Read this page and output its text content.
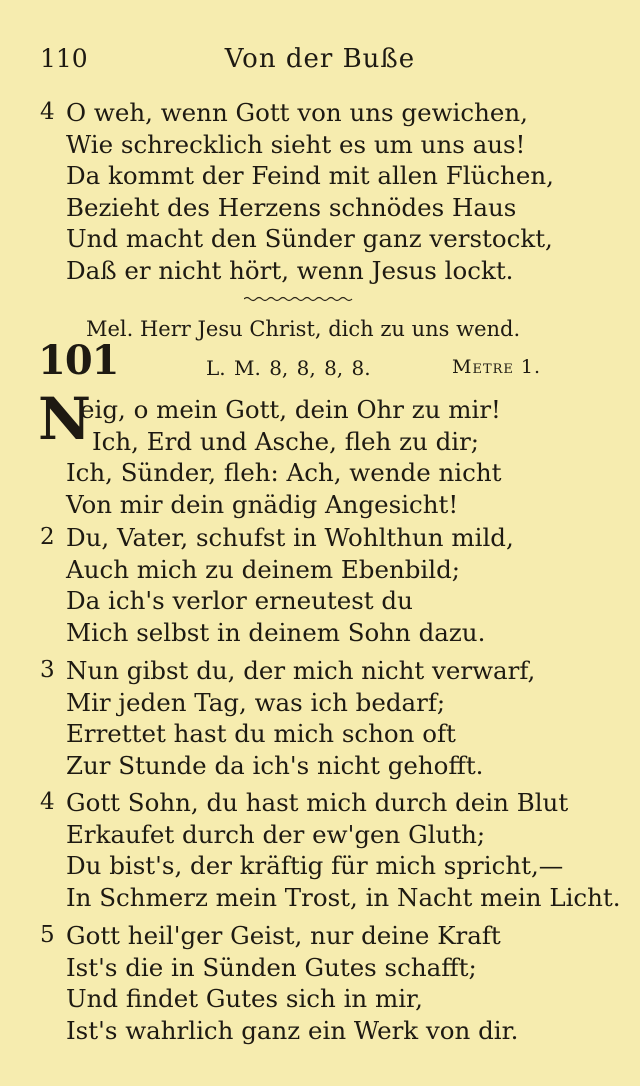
110	Von der Buße
4 O weh, wenn Gott von uns gewichen,
Wie schrecklich sieht es um uns aus!
Da kommt der Feind mit allen Flüchen,
Bezieht des Herzens schnödes Haus
Und macht den Sünder ganz verstockt,
Daß er nicht hört, wenn Jesus lockt.
Mel. Herr Jesu Christ, dich zu uns wend.
101	L. M. 8, 8, 8, 8.	Metre 1.
N
eig, o mein Gott, dein Ohr zu mir!
Ich, Erd und Asche, fleh zu dir;
Ich, Sünder, fleh: Ach, wende nicht
Von mir dein gnädig Angesicht!
2 Du, Vater, schufst in Wohlthun mild,
Auch mich zu deinem Ebenbild;
Da ich's verlor erneutest du
Mich selbst in deinem Sohn dazu.
3 Nun gibst du, der mich nicht verwarf,
Mir jeden Tag, was ich bedarf;
Errettet hast du mich schon oft
Zur Stunde da ich's nicht gehofft.
4 Gott Sohn, du hast mich durch dein Blut
Erkaufet durch der ew'gen Gluth;
Du bist's, der kräftig für mich spricht,—
In Schmerz mein Trost, in Nacht mein Licht.
5 Gott heil'ger Geist, nur deine Kraft
Ist's die in Sünden Gutes schafft;
Und findet Gutes sich in mir,
Ist's wahrlich ganz ein Werk von dir.
